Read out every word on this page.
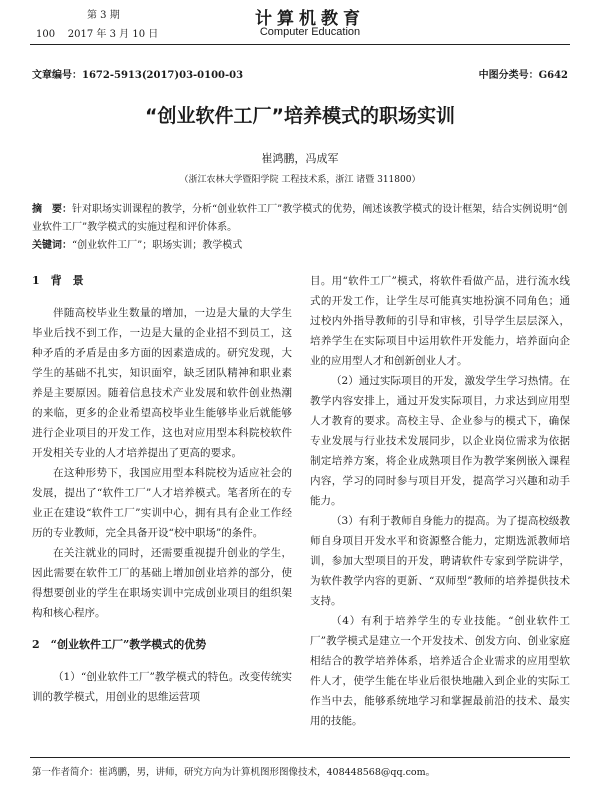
第 3 期
100    2017 年 3 月 10 日
计算机教育
Computer Education
文章编号：1672-5913(2017)03-0100-03	中图分类号：G642
“创业软件工厂”培养模式的职场实训
崔鸿鹏，冯成军
（浙江农林大学暨阳学院 工程技术系，浙江 诸暨 311800）
摘　要：针对职场实训课程的教学，分析“创业软件工厂”教学模式的优势，阐述该教学模式的设计框架，结合实例说明“创业软件工厂”教学模式的实施过程和评价体系。
关键词：“创业软件工厂”；职场实训；教学模式
1　背　景

伴随高校毕业生数量的增加，一边是大量的大学生毕业后找不到工作，一边是大量的企业招不到员工，这种矛盾的矛盾是由多方面的因素造成的。研究发现，大学生的基础不扎实，知识面窄，缺乏团队精神和职业素养是主要原因。随着信息技术产业发展和软件创业热潮的来临，更多的企业希望高校毕业生能够毕业后就能够进行企业项目的开发工作，这也对应用型本科院校软件开发相关专业的人才培养提出了更高的要求。

在这种形势下，我国应用型本科院校为适应社会的发展，提出了“软件工厂”人才培养模式。笔者所在的专业正在建设“软件工厂”实训中心，拥有具有企业工作经历的专业教师，完全具备开设“校中职场”的条件。

在关注就业的同时，还需要重视提升创业的学生，因此需要在软件工厂的基础上增加创业培养的部分，使得想要创业的学生在职场实训中完成创业项目的组织架构和核心程序。

2　“创业软件工厂”教学模式的优势

（1）“创业软件工厂”教学模式的特色。改变传统实训的教学模式，用创业的思维运营项

目。用“软件工厂”模式，将软件看做产品，进行流水线式的开发工作，让学生尽可能真实地扮演不同角色；通过校内外指导教师的引导和审核，引导学生层层深入，培养学生在实际项目中运用软件开发能力，培养面向企业的应用型人才和创新创业人才。

（2）通过实际项目的开发，激发学生学习热情。在教学内容安排上，通过开发实际项目，力求达到应用型人才教育的要求。高校主导、企业参与的模式下，确保专业发展与行业技术发展同步，以企业岗位需求为依据制定培养方案，将企业成熟项目作为教学案例嵌入课程内容，学习的同时参与项目开发，提高学习兴趣和动手能力。

（3）有利于教师自身能力的提高。为了提高校级教师自身项目开发水平和资源整合能力，定期选派教师培训，参加大型项目的开发，聘请软件专家到学院讲学，为软件教学内容的更新、“双师型”教师的培养提供技术支持。

（4）有利于培养学生的专业技能。“创业软件工厂”教学模式是建立一个开发技术、创发方向、创业家庭相结合的教学培养体系，培养适合企业需求的应用型软件人才，使学生能在毕业后很快地融入到企业的实际工作当中去，能够系统地学习和掌握最前沿的技术、最实用的技能。

第一作者简介：崔鸿鹏，男，讲师，研究方向为计算机图形图像技术，408448568@qq.com。
